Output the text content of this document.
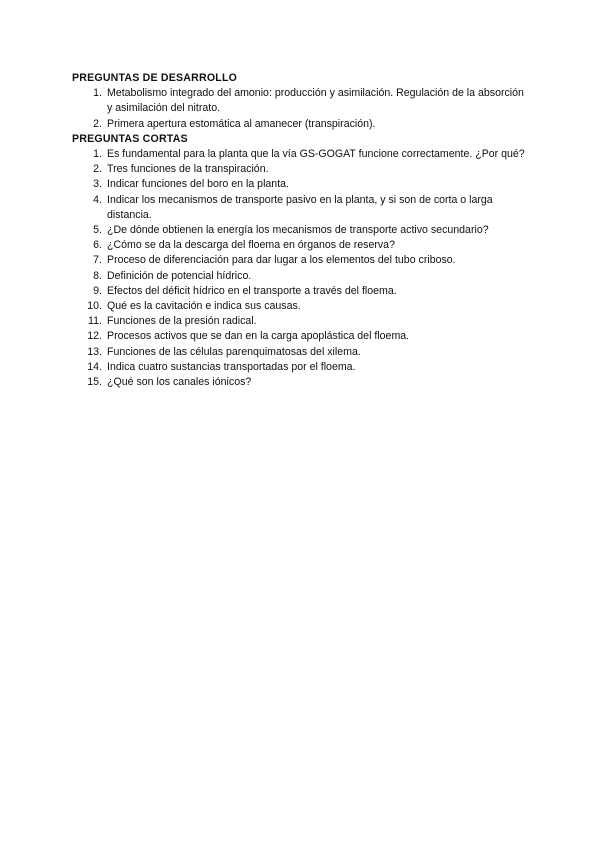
PREGUNTAS DE DESARROLLO
1. Metabolismo integrado del amonio: producción y asimilación. Regulación de la absorción y asimilación del nitrato.
2. Primera apertura estomática al amanecer (transpiración).
PREGUNTAS CORTAS
1. Es fundamental para la planta que la vía GS-GOGAT funcione correctamente. ¿Por qué?
2. Tres funciones de la transpiración.
3. Indicar funciones del boro en la planta.
4. Indicar los mecanismos de transporte pasivo en la planta, y si son de corta o larga distancia.
5. ¿De dónde obtienen la energía los mecanismos de transporte activo secundario?
6. ¿Cómo se da la descarga del floema en órganos de reserva?
7. Proceso de diferenciación para dar lugar a los elementos del tubo criboso.
8. Definición de potencial hídrico.
9. Efectos del déficit hídrico en el transporte a través del floema.
10. Qué es la cavitación e indica sus causas.
11. Funciones de la presión radical.
12. Procesos activos que se dan en la carga apoplástica del floema.
13. Funciones de las células parenquimatosas del xilema.
14. Indica cuatro sustancias transportadas por el floema.
15. ¿Qué son los canales iónicos?
